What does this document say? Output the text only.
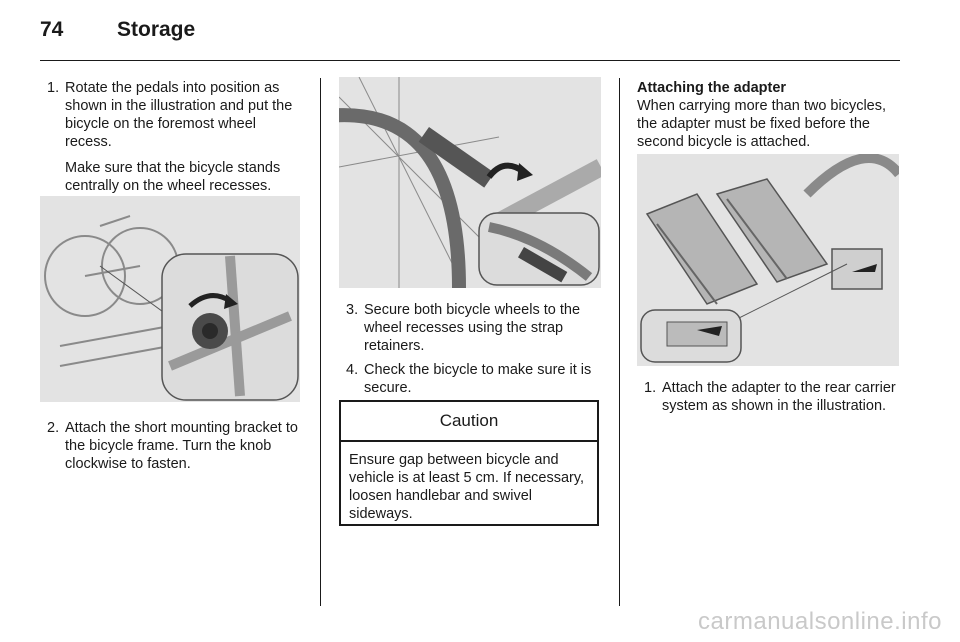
74	Storage
1. Rotate the pedals into position as shown in the illustration and put the bicycle on the foremost wheel recess.
Make sure that the bicycle stands centrally on the wheel recesses.
2. Attach the short mounting bracket to the bicycle frame. Turn the knob clockwise to fasten.
3. Secure both bicycle wheels to the wheel recesses using the strap retainers.
4. Check the bicycle to make sure it is secure.
Caution
Ensure gap between bicycle and vehicle is at least 5 cm. If necessary, loosen handlebar and swivel sideways.
Attaching the adapter
When carrying more than two bicycles, the adapter must be fixed before the second bicycle is attached.
1. Attach the adapter to the rear carrier system as shown in the illustration.
carmanualsonline.info
